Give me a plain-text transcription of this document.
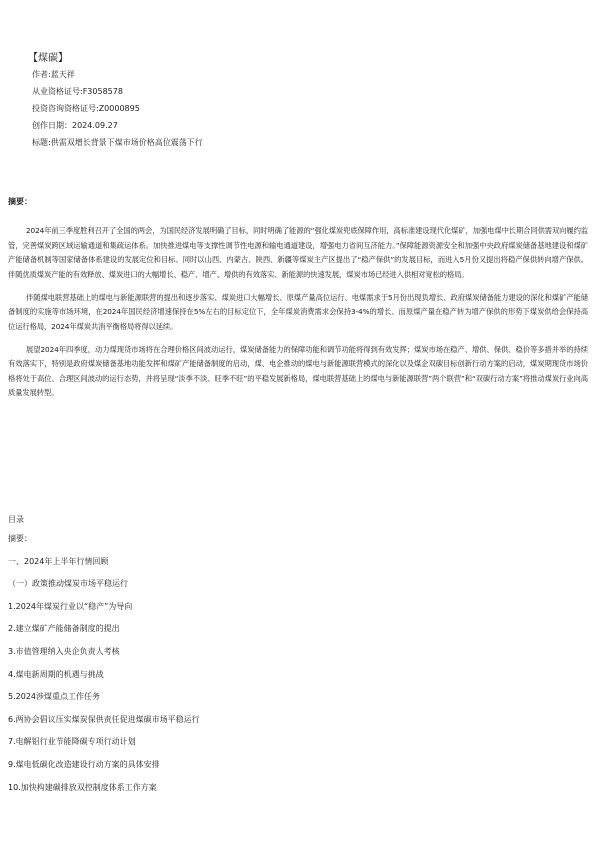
【煤碳】
作者:蓝天祥
从业资格证号:F3058578
投资咨询资格证号:Z0000895
创作日期：2024.09.27
标题:供需双增长背景下煤市场价格高位震荡下行
摘要：

2024年前三季度胜利召开了全国的两会，为国民经济发展明确了目标，同时明确了能源的“强化煤炭兜底保障作用，高标准建设现代化煤矿，加强电煤中长期合同供需双向履约监管，完善煤炭跨区域运输通道和集疏运体系。加快推进煤电等支撑性调节性电源和输电通道建设，增强电力省间互济能力。”保障能源资源安全和加强中央政府煤炭储备基地建设和煤矿产能储备机制等国家储备体系建设的发展定位和目标。同时以山西、内蒙古、陕西、新疆等煤炭主产区提出了“稳产保供”的发展目标，而进入5月份又提出将稳产保供转向增产保供。伴随优质煤炭产能的有效释放、煤炭进口的大幅增长、稳产、增产、增供的有效落实、新能源的快速发展，煤炭市场已经进入供相对宽松的格局。

伴随煤电联营基础上的煤电与新能源联营的提出和逐步落实、煤炭进口大幅增长、原煤产量高位运行、电煤需求于5月份出现负增长、政府煤炭储备能力建设的深化和煤矿产能储备制度的实施等市场环境，在2024年国民经济增速保持在5%左右的目标定位下，全年煤炭消费需求会保持3-4%的增长、而原煤产量在稳产转为增产保供的形势下煤炭供给会保持高位运行格局，2024年煤炭共消平衡格局将得以延续。

展望2024年四季度，动力煤现货市场将在合理价格区间波动运行，煤炭储备能力的保障功能和调节功能将得到有效发挥；煤炭市场在稳产、增供、保供、稳价等多措并举的持续有效落实下，特别是政府煤炭储备基地功能发挥和煤矿产能储备制度的启动，煤、电企推动的煤电与新能源联营模式的深化以及煤企双碳目标创新行动方案的启动，煤炭期现货市场价格将处于高位、合理区间波动的运行态势，并将呈现“淡季不淡、旺季不旺”的平稳发展新格局，煤电联营基础上的煤电与新能源联营”两个联营”和“双碳行动方案”将推动煤炭行业向高质量发展转型。

目录
摘要：
一、2024年上半年行情回顾
（一）政策推动煤炭市场平稳运行
1.2024年煤炭行业以“稳产”为导向
2.建立煤矿产能储备制度的提出
3.市值管理纳入央企负责人考核
4.煤电新周期的机遇与挑战
5.2024涉煤重点工作任务
6.两协会倡议压实煤炭保供责任促进煤碳市场平稳运行
7.电解铝行业节能降碳专项行动计划
9.煤电低碳化改造建设行动方案的具体安排
10.加快构建碳排放双控制度体系工作方案
